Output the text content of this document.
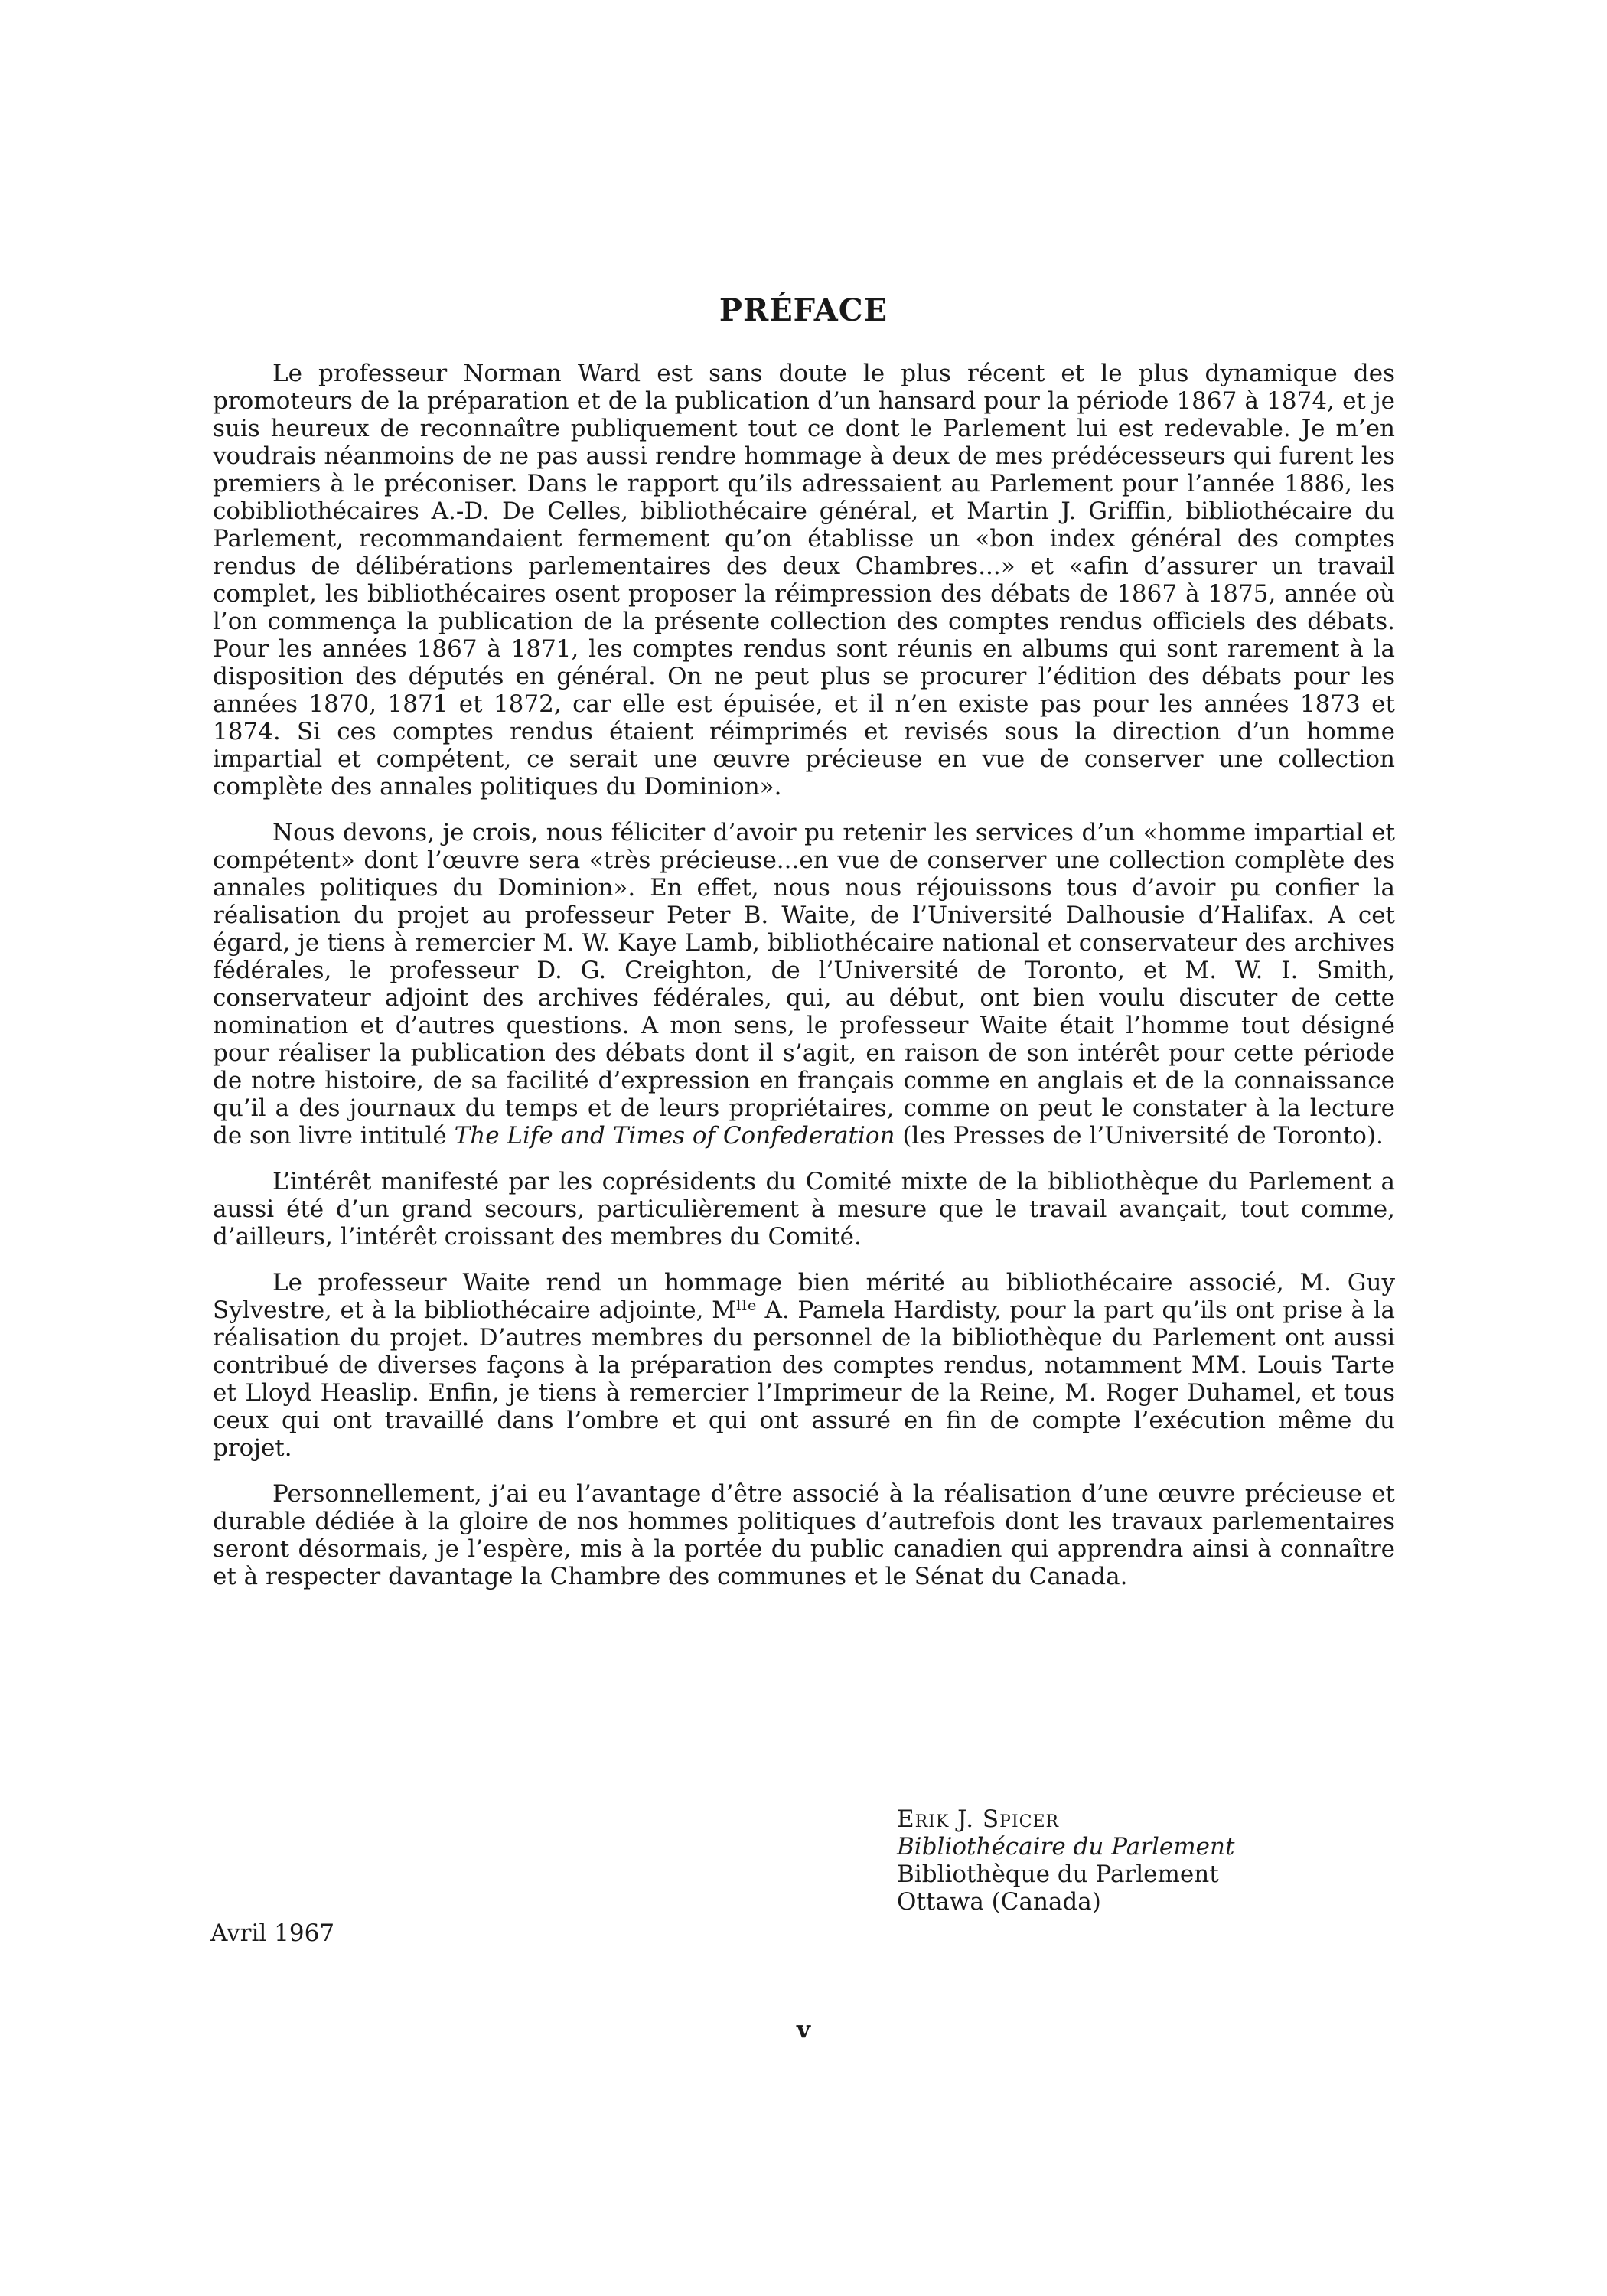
PRÉFACE

Le professeur Norman Ward est sans doute le plus récent et le plus dynamique des promoteurs de la préparation et de la publication d’un hansard pour la période 1867 à 1874, et je suis heureux de reconnaître publiquement tout ce dont le Parlement lui est redevable. Je m’en voudrais néanmoins de ne pas aussi rendre hommage à deux de mes prédécesseurs qui furent les premiers à le préconiser. Dans le rapport qu’ils adressaient au Parlement pour l’année 1886, les cobibliothécaires A.-D. De Celles, bibliothécaire général, et Martin J. Griffin, bibliothécaire du Parlement, recommandaient fermement qu’on établisse un «bon index général des comptes rendus de délibérations parlementaires des deux Chambres...» et «afin d’assurer un travail complet, les bibliothécaires osent proposer la réimpression des débats de 1867 à 1875, année où l’on commença la publication de la présente collection des comptes rendus officiels des débats. Pour les années 1867 à 1871, les comptes rendus sont réunis en albums qui sont rarement à la disposition des députés en général. On ne peut plus se procurer l’édition des débats pour les années 1870, 1871 et 1872, car elle est épuisée, et il n’en existe pas pour les années 1873 et 1874. Si ces comptes rendus étaient réimprimés et revisés sous la direction d’un homme impartial et compétent, ce serait une œuvre précieuse en vue de conserver une collection complète des annales politiques du Dominion».

Nous devons, je crois, nous féliciter d’avoir pu retenir les services d’un «homme impartial et compétent» dont l’œuvre sera «très précieuse...en vue de conserver une collection complète des annales politiques du Dominion». En effet, nous nous réjouissons tous d’avoir pu confier la réalisation du projet au professeur Peter B. Waite, de l’Université Dalhousie d’Halifax. A cet égard, je tiens à remercier M. W. Kaye Lamb, bibliothécaire national et conservateur des archives fédérales, le professeur D. G. Creighton, de l’Université de Toronto, et M. W. I. Smith, conservateur adjoint des archives fédérales, qui, au début, ont bien voulu discuter de cette nomination et d’autres questions. A mon sens, le professeur Waite était l’homme tout désigné pour réaliser la publication des débats dont il s’agit, en raison de son intérêt pour cette période de notre histoire, de sa facilité d’expression en français comme en anglais et de la connaissance qu’il a des journaux du temps et de leurs propriétaires, comme on peut le constater à la lecture de son livre intitulé The Life and Times of Confederation (les Presses de l’Université de Toronto).

L’intérêt manifesté par les coprésidents du Comité mixte de la bibliothèque du Parlement a aussi été d’un grand secours, particulièrement à mesure que le travail avançait, tout comme, d’ailleurs, l’intérêt croissant des membres du Comité.

Le professeur Waite rend un hommage bien mérité au bibliothécaire associé, M. Guy Sylvestre, et à la bibliothécaire adjointe, Mˡˡᵉ A. Pamela Hardisty, pour la part qu’ils ont prise à la réalisation du projet. D’autres membres du personnel de la bibliothèque du Parlement ont aussi contribué de diverses façons à la préparation des comptes rendus, notamment MM. Louis Tarte et Lloyd Heaslip. Enfin, je tiens à remercier l’Imprimeur de la Reine, M. Roger Duhamel, et tous ceux qui ont travaillé dans l’ombre et qui ont assuré en fin de compte l’exécution même du projet.

Personnellement, j’ai eu l’avantage d’être associé à la réalisation d’une œuvre précieuse et durable dédiée à la gloire de nos hommes politiques d’autrefois dont les travaux parlementaires seront désormais, je l’espère, mis à la portée du public canadien qui apprendra ainsi à connaître et à respecter davantage la Chambre des communes et le Sénat du Canada.

Erik J. Spicer
Bibliothécaire du Parlement
Bibliothèque du Parlement
Ottawa (Canada)
Avril 1967
v
